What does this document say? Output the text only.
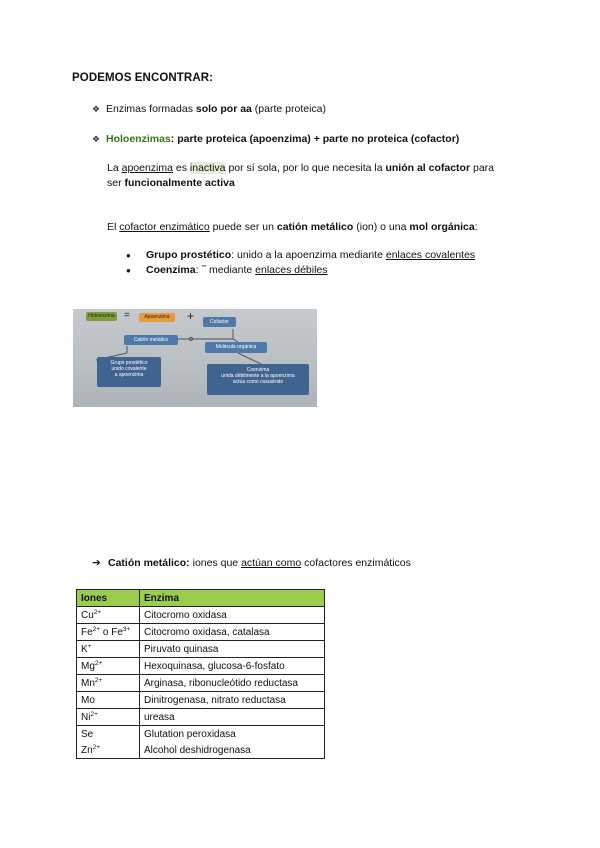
PODEMOS ENCONTRAR:
❖ Enzimas formadas solo por aa (parte proteica)
❖ Holoenzimas: parte proteica (apoenzima) + parte no proteica (cofactor)

La apoenzima es inactiva por sí sola, por lo que necesita la unión al cofactor para

ser funcionalmente activa

El cofactor enzimático puede ser un catión metálico (ion) o una mol orgánica:

●	Grupo prostético: unido a la apoenzima mediante enlaces covalentes
●	Coenzima: ”” mediante enlaces débiles
Holoenzima =	Apoenzima	+	Cofactor
Catión metálico	o
Molécula orgánica
Grupo prostético
unido covalente
a apoenzima
Coenzima
unida débilmente a la apoenzima
actúa como cosustrato
➔ Catión metálico: iones que actúan como cofactores enzimáticos
Iones	Enzima
$Cu^{2+}$	Citocromo oxidasa
$Fe^{2+}$ o $Fe^{3+}$	Citocromo oxidasa, catalasa
K+	Piruvato quinasa
$Mg^{2+}$	Hexoquinasa, glucosa-6-fosfato
$Mn^{2+}$	Arginasa, ribonucleótido reductasa
Mo	Dinitrogenasa, nitrato reductasa
$Ni^{2+}$	ureasa
Se	Glutation peroxidasa
$Zn^{2+}$	Alcohol deshidrogenasa
